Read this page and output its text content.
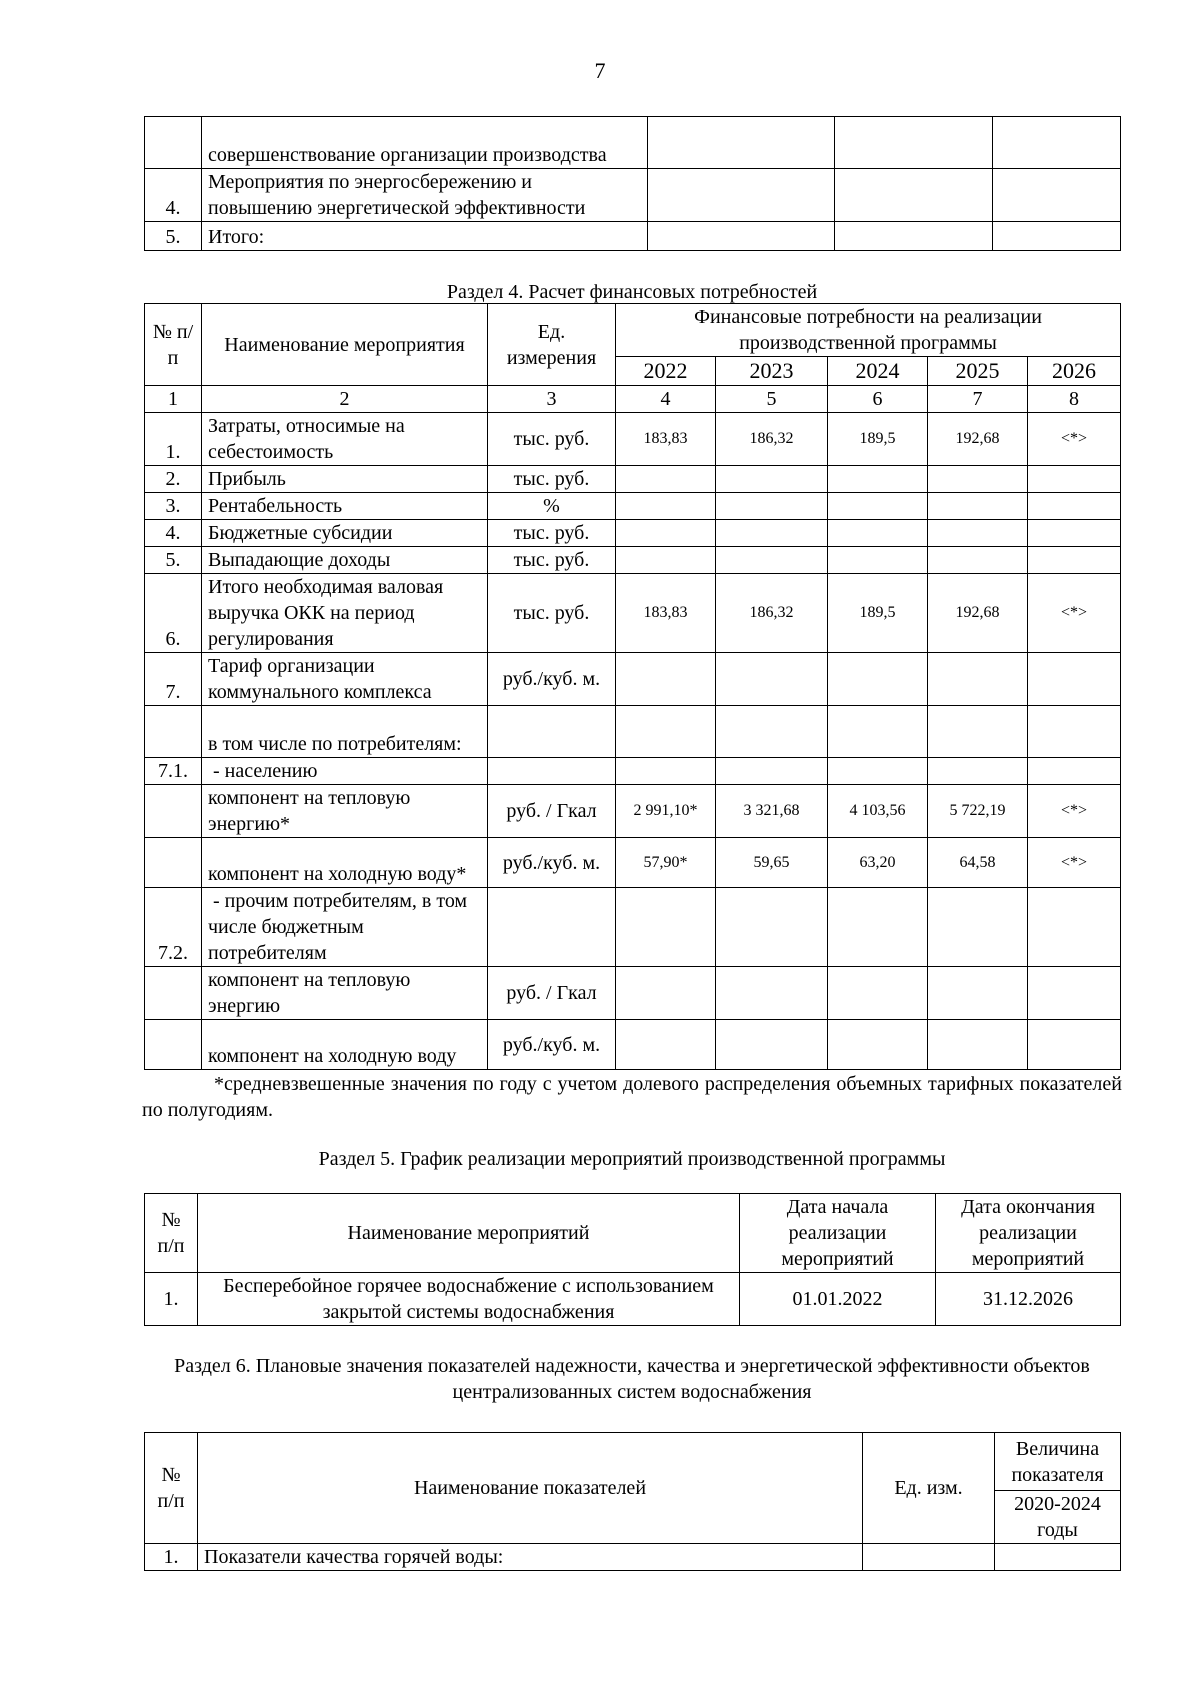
7
	совершенствование организации производства			
4.	Мероприятия по энергосбережению и повышению энергетической эффективности			
5.	Итого:			
Раздел 4. Расчет финансовых потребностей
№ п/п	Наименование мероприятия	Ед. измерения	Финансовые потребности на реализации производственной программы				
			2022	2023	2024	2025	2026
1	2	3	4	5	6	7	8
1.	Затраты, относимые на себестоимость	тыс. руб.	183,83	186,32	189,5	192,68	<*>
2.	Прибыль	тыс. руб.					
3.	Рентабельность	%					
4.	Бюджетные субсидии	тыс. руб.					
5.	Выпадающие доходы	тыс. руб.					
6.	Итого необходимая валовая выручка ОКК на период регулирования	тыс. руб.	183,83	186,32	189,5	192,68	<*>
7.	Тариф организации коммунального комплекса	руб./куб. м.					
	в том числе по потребителям:						
7.1.	- населению						
	компонент на тепловую энергию*	руб. / Гкал	2 991,10*	3 321,68	4 103,56	5 722,19	<*>
	компонент на холодную воду*	руб./куб. м.	57,90*	59,65	63,20	64,58	<*>
7.2.	- прочим потребителям, в том числе бюджетным потребителям						
	компонент на тепловую энергию	руб. / Гкал					
	компонент на холодную воду	руб./куб. м.					
*средневзвешенные значения по году с учетом долевого распределения объемных тарифных показателей по полугодиям.
Раздел 5. График реализации мероприятий производственной программы
№ п/п	Наименование мероприятий	Дата начала реализации мероприятий	Дата окончания реализации мероприятий
1.	Бесперебойное горячее водоснабжение с использованием закрытой системы водоснабжения	01.01.2022	31.12.2026
Раздел 6. Плановые значения показателей надежности, качества и энергетической эффективности объектов централизованных систем водоснабжения
№ п/п	Наименование показателей	Ед. изм.	Величина показателя
			2020-2024 годы
1.	Показатели качества горячей воды:		
